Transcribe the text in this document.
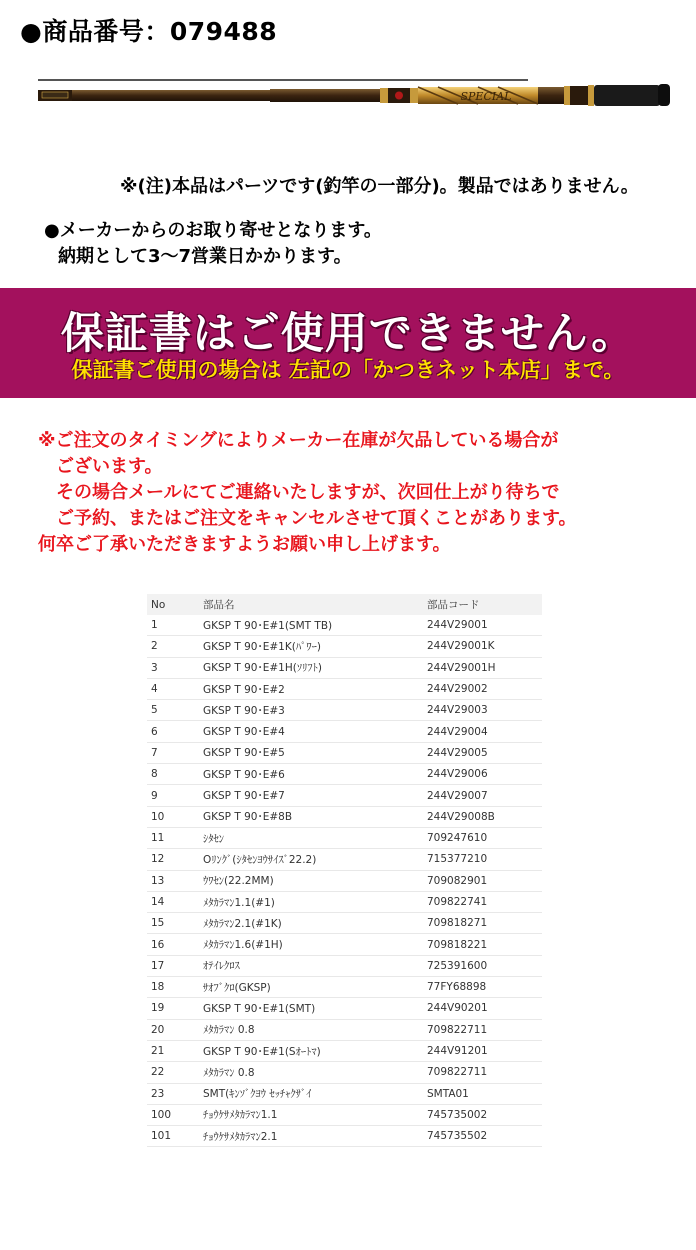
●商品番号：079488
SPECIAL
※(注)本品はパーツです(釣竿の一部分)。製品ではありません。
●メーカーからのお取り寄せとなります。
納期として3〜7営業日かかります。
保証書はご使用できません。
保証書ご使用の場合は 左記の「かつきネット本店」まで。
※ご注文のタイミングによりメーカー在庫が欠品している場合が
ございます。
その場合メールにてご連絡いたしますが、次回仕上がり待ちで
ご予約、またはご注文をキャンセルさせて頂くことがあります。
何卒ご了承いただきますようお願い申し上げます。
No	部品名	部品コード
1	GKSP T 90･E#1(SMT TB)	244V29001
2	GKSP T 90･E#1K(ﾊﾟﾜｰ)	244V29001K
3	GKSP T 90･E#1H(ｿﾘﾌﾄ)	244V29001H
4	GKSP T 90･E#2	244V29002
5	GKSP T 90･E#3	244V29003
6	GKSP T 90･E#4	244V29004
7	GKSP T 90･E#5	244V29005
8	GKSP T 90･E#6	244V29006
9	GKSP T 90･E#7	244V29007
10	GKSP T 90･E#8B	244V29008B
11	ｼﾀｾﾝ	709247610
12	Oﾘﾝｸﾞ(ｼﾀｾﾝﾖｳｻｲｽﾞ22.2)	715377210
13	ｳﾜｾﾝ(22.2MM)	709082901
14	ﾒﾀｶﾗﾏﾝ1.1(#1)	709822741
15	ﾒﾀｶﾗﾏﾝ2.1(#1K)	709818271
16	ﾒﾀｶﾗﾏﾝ1.6(#1H)	709818221
17	ｵﾃｲﾚｸﾛｽ	725391600
18	ｻｵﾌﾞｸﾛ(GKSP)	77FY68898
19	GKSP T 90･E#1(SMT)	244V90201
20	ﾒﾀｶﾗﾏﾝ 0.8	709822711
21	GKSP T 90･E#1(Sｵｰﾄﾏ)	244V91201
22	ﾒﾀｶﾗﾏﾝ 0.8	709822711
23	SMT(ｷﾝｿﾞｸﾖｳ ｾｯﾁｬｸｻﾞｲ	SMTA01
100	ﾁｮｳｹｻﾒﾀｶﾗﾏﾝ1.1	745735002
101	ﾁｮｳｹｻﾒﾀｶﾗﾏﾝ2.1	745735502
